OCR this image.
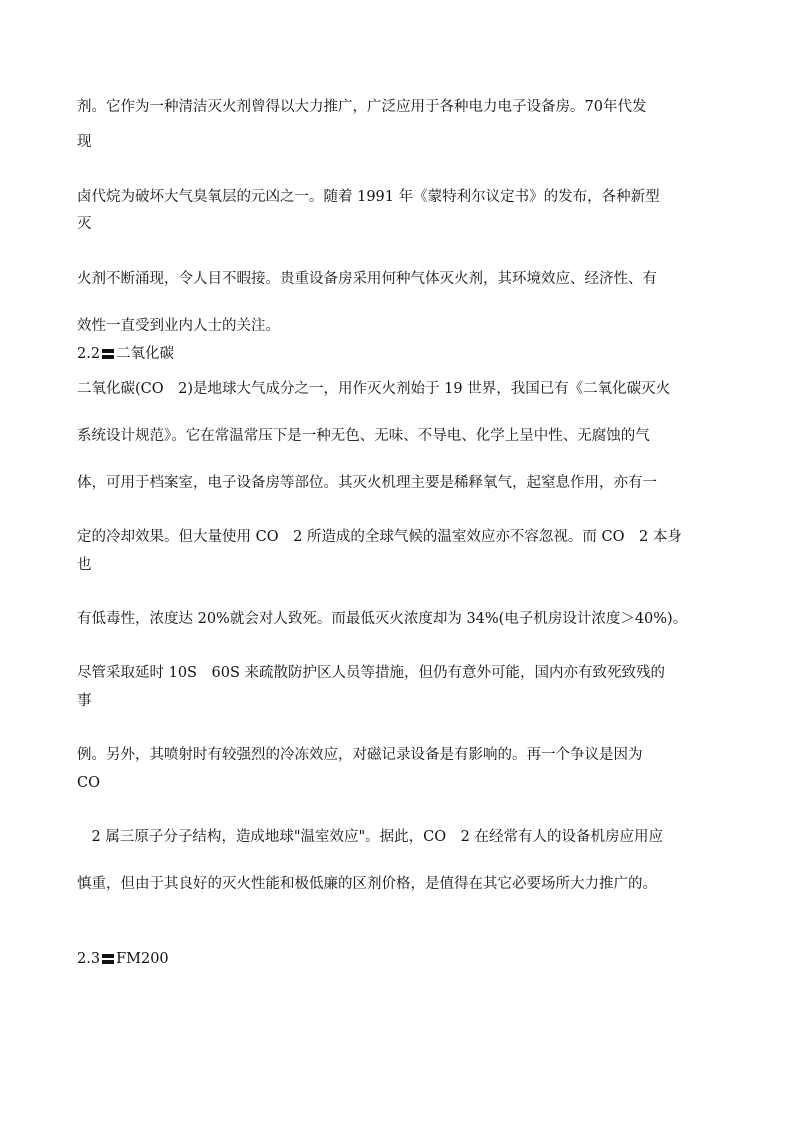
剂。它作为一种清洁灭火剂曾得以大力推广，广泛应用于各种电力电子设备房。70年代发

现

卤代烷为破坏大气臭氧层的元凶之一。随着 1991 年《蒙特利尔议定书》的发布，各种新型

灭

火剂不断涌现，令人目不暇接。贵重设备房采用何种气体灭火剂，其环境效应、经济性、有

效性一直受到业内人士的关注。

2.2 二氧化碳

二氧化碳(CO　2)是地球大气成分之一，用作灭火剂始于 19 世界，我国已有《二氧化碳灭火

系统设计规范》。它在常温常压下是一种无色、无味、不导电、化学上呈中性、无腐蚀的气

体，可用于档案室，电子设备房等部位。其灭火机理主要是稀释氧气，起窒息作用，亦有一

定的冷却效果。但大量使用 CO　2 所造成的全球气候的温室效应亦不容忽视。而 CO　2 本身

也

有低毒性，浓度达 20%就会对人致死。而最低灭火浓度却为 34%(电子机房设计浓度＞40%)。

尽管采取延时 10S　60S 来疏散防护区人员等措施，但仍有意外可能，国内亦有致死致残的

事

例。另外，其喷射时有较强烈的冷冻效应，对磁记录设备是有影响的。再一个争议是因为

CO

　2 属三原子分子结构，造成地球"温室效应"。据此，CO　2 在经常有人的设备机房应用应

慎重，但由于其良好的灭火性能和极低廉的区剂价格，是值得在其它必要场所大力推广的。

2.3 FM200
